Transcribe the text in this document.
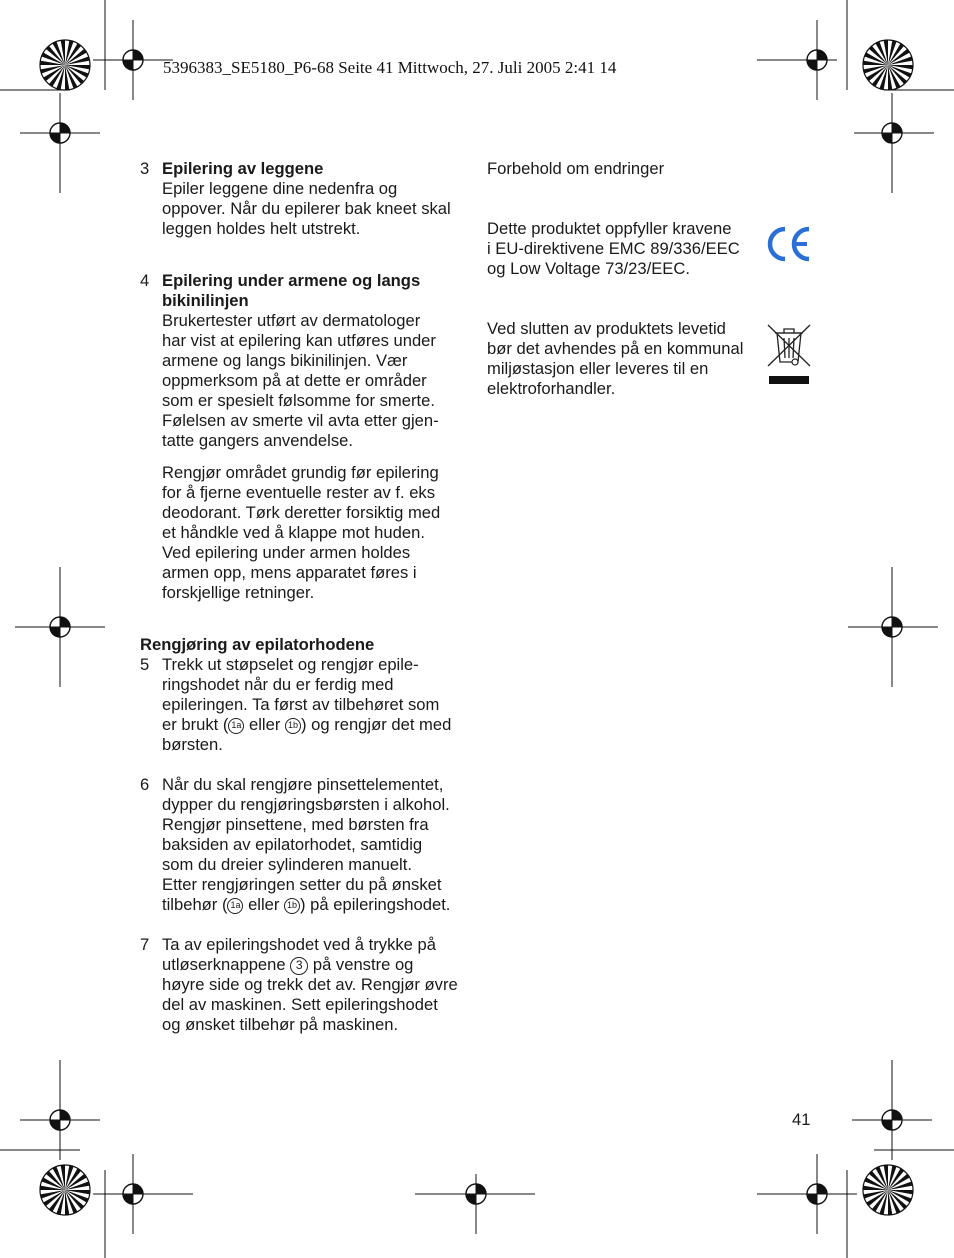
5396383_SE5180_P6-68 Seite 41 Mittwoch, 27. Juli 2005 2:41 14
3 Epilering av leggene

Epiler leggene dine nedenfra og
oppover. Når du epilerer bak kneet skal
leggen holdes helt utstrekt.

4 Epilering under armene og langs
bikinilinjen

Brukertester utført av dermatologer
har vist at epilering kan utføres under
armene og langs bikinilinjen. Vær
oppmerksom på at dette er områder
som er spesielt følsomme for smerte.
Følelsen av smerte vil avta etter gjen-
tatte gangers anvendelse.

Rengjør området grundig før epilering
for å fjerne eventuelle rester av f. eks
deodorant. Tørk deretter forsiktig med
et håndkle ved å klappe mot huden.
Ved epilering under armen holdes
armen opp, mens apparatet føres i
forskjellige retninger.

Rengjøring av epilatorhodene

5 Trekk ut støpselet og rengjør epile-
ringshodet når du er ferdig med
epileringen. Ta først av tilbehøret som
er brukt ( 1a eller 1b ) og rengjør det med
børsten.
6 Når du skal rengjøre pinsettelementet,
dypper du rengjøringsbørsten i alkohol.
Rengjør pinsettene, med børsten fra
baksiden av epilatorhodet, samtidig
som du dreier sylinderen manuelt.
Etter rengjøringen setter du på ønsket
tilbehør ( 1a eller 1b ) på epileringshodet.
7 Ta av epileringshodet ved å trykke på
utløserknappene 3 på venstre og
høyre side og trekk det av. Rengjør øvre
del av maskinen. Sett epileringshodet
og ønsket tilbehør på maskinen.

Forbehold om endringer

Dette produktet oppfyller kravene
i EU-direktivene EMC 89/336/EEC
og Low Voltage 73/23/EEC.

Ved slutten av produktets levetid
bør det avhendes på en kommunal
miljøstasjon eller leveres til en
elektroforhandler.

41
